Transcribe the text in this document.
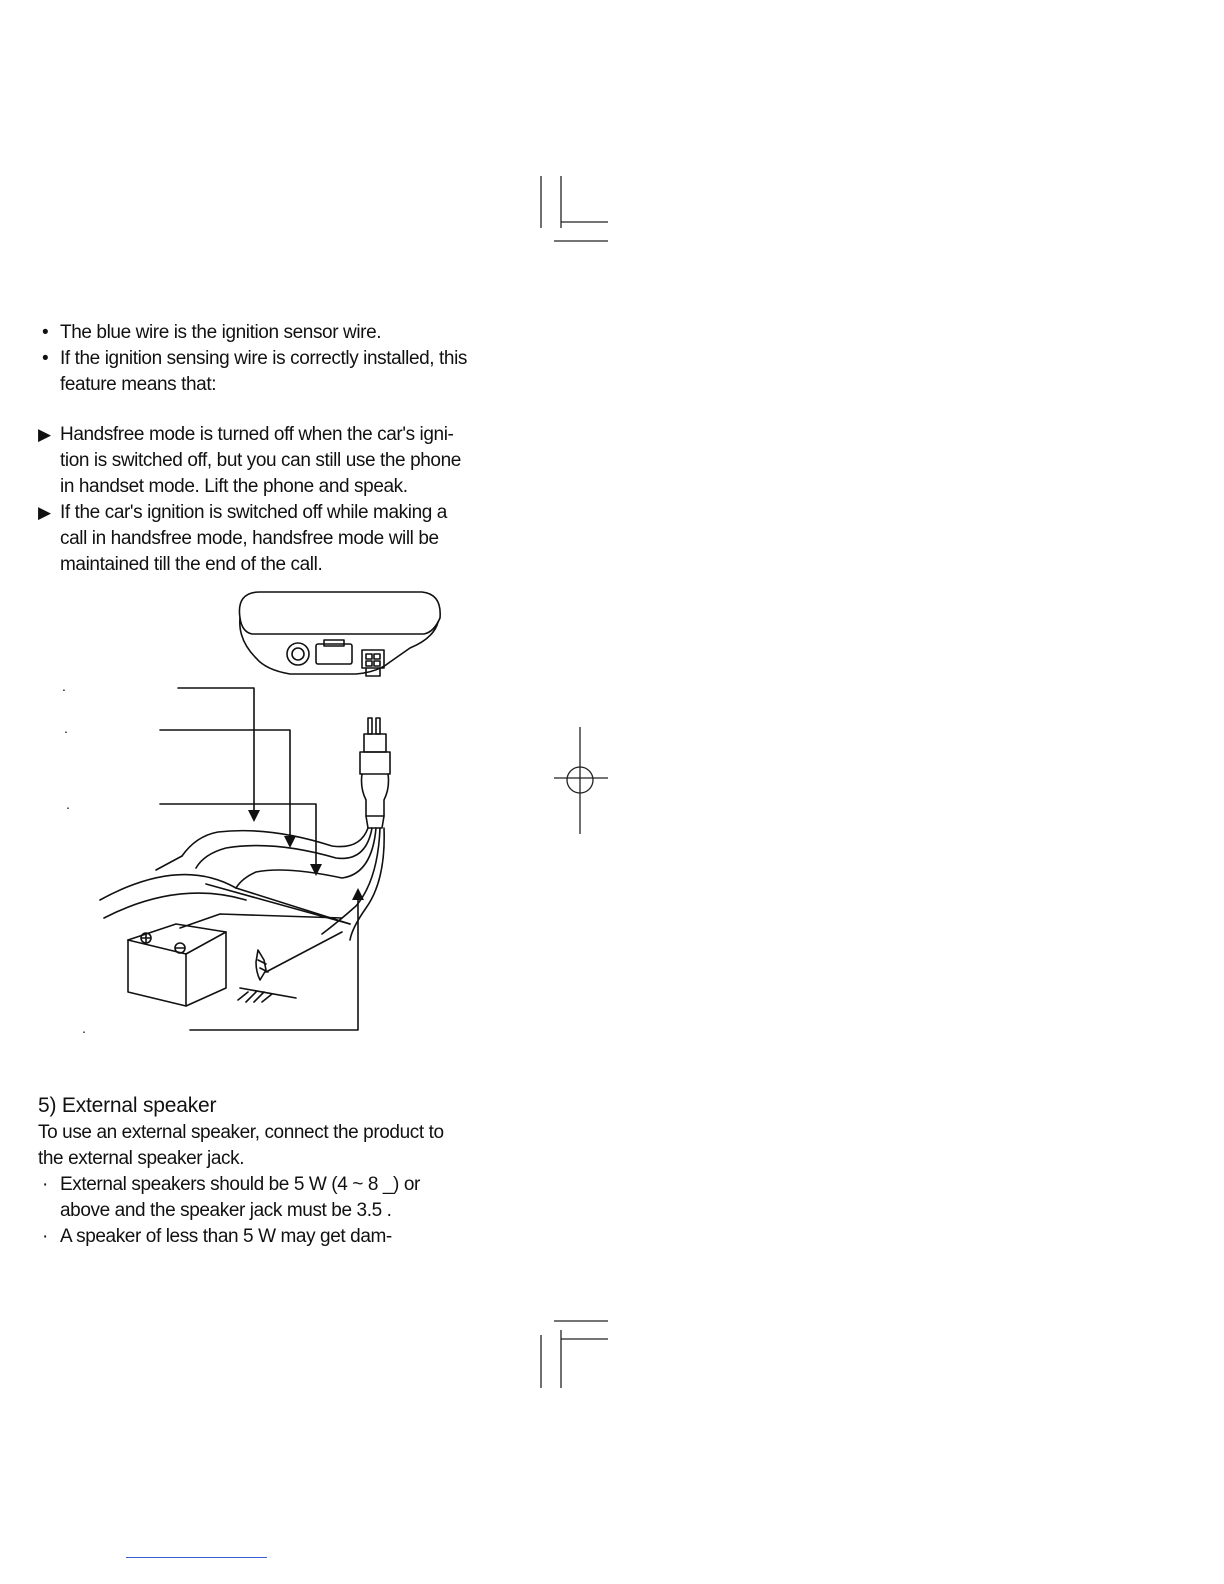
• The blue wire is the ignition sensor wire.
• If the ignition sensing wire is correctly installed, this
feature means that:
▶ Handsfree mode is turned off when the car's igni-
tion is switched off, but you can still use the phone
in handset mode. Lift the phone and speak.
▶ If the car's ignition is switched off while making a
call in handsfree mode, handsfree mode will be
maintained till the end of the call.
.
.
.
.
5) External speaker
To use an external speaker, connect the product to
the external speaker jack.
· External speakers should be 5 W (4 ~ 8 _) or
above and the speaker jack must be 3.5 .
· A speaker of less than 5 W may get dam-
